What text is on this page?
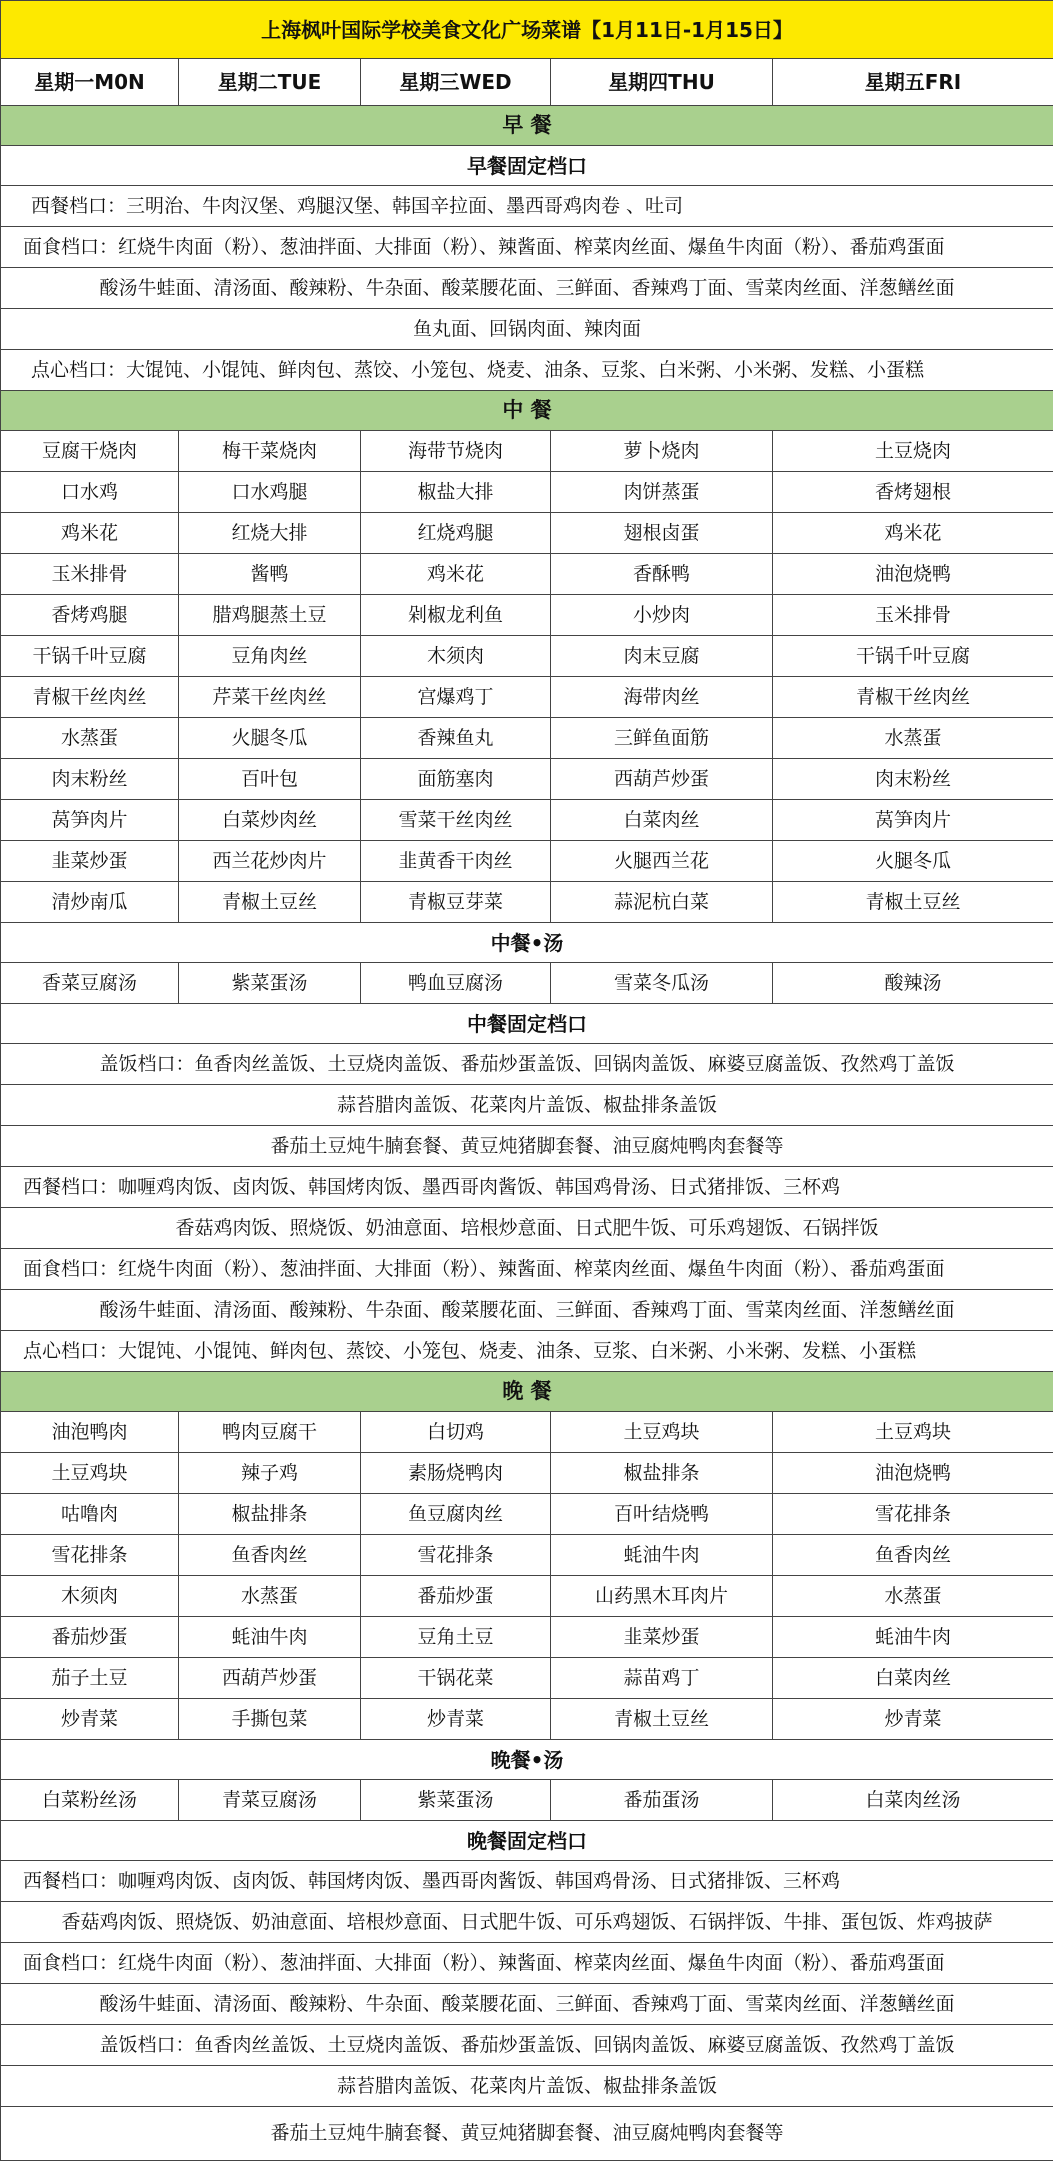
上海枫叶国际学校美食文化广场菜谱【1月11日-1月15日】				
星期一M0N	星期二TUE	星期三WED	星期四THU	星期五FRI
早 餐				
早餐固定档口				
西餐档口：三明治、牛肉汉堡、鸡腿汉堡、韩国辛拉面、墨西哥鸡肉卷 、吐司				
面食档口：红烧牛肉面（粉）、葱油拌面、大排面（粉）、辣酱面、榨菜肉丝面、爆鱼牛肉面（粉）、番茄鸡蛋面				
酸汤牛蛙面、清汤面、酸辣粉、牛杂面、酸菜腰花面、三鲜面、香辣鸡丁面、雪菜肉丝面、洋葱鳝丝面				
鱼丸面、回锅肉面、辣肉面				
点心档口：大馄饨、小馄饨、鲜肉包、蒸饺、小笼包、烧麦、油条、豆浆、白米粥、小米粥、发糕、小蛋糕				
中 餐				
豆腐干烧肉	梅干菜烧肉	海带节烧肉	萝卜烧肉	土豆烧肉
口水鸡	口水鸡腿	椒盐大排	肉饼蒸蛋	香烤翅根
鸡米花	红烧大排	红烧鸡腿	翅根卤蛋	鸡米花
玉米排骨	酱鸭	鸡米花	香酥鸭	油泡烧鸭
香烤鸡腿	腊鸡腿蒸土豆	剁椒龙利鱼	小炒肉	玉米排骨
干锅千叶豆腐	豆角肉丝	木须肉	肉末豆腐	干锅千叶豆腐
青椒干丝肉丝	芹菜干丝肉丝	宫爆鸡丁	海带肉丝	青椒干丝肉丝
水蒸蛋	火腿冬瓜	香辣鱼丸	三鲜鱼面筋	水蒸蛋
肉末粉丝	百叶包	面筋塞肉	西葫芦炒蛋	肉末粉丝
莴笋肉片	白菜炒肉丝	雪菜干丝肉丝	白菜肉丝	莴笋肉片
韭菜炒蛋	西兰花炒肉片	韭黄香干肉丝	火腿西兰花	火腿冬瓜
清炒南瓜	青椒土豆丝	青椒豆芽菜	蒜泥杭白菜	青椒土豆丝
中餐•汤				
香菜豆腐汤	紫菜蛋汤	鸭血豆腐汤	雪菜冬瓜汤	酸辣汤
中餐固定档口				
盖饭档口：鱼香肉丝盖饭、土豆烧肉盖饭、番茄炒蛋盖饭、回锅肉盖饭、麻婆豆腐盖饭、孜然鸡丁盖饭				
蒜苔腊肉盖饭、花菜肉片盖饭、椒盐排条盖饭				
番茄土豆炖牛腩套餐、黄豆炖猪脚套餐、油豆腐炖鸭肉套餐等				
西餐档口：咖喱鸡肉饭、卤肉饭、韩国烤肉饭、墨西哥肉酱饭、韩国鸡骨汤、日式猪排饭、三杯鸡				
香菇鸡肉饭、照烧饭、奶油意面、培根炒意面、日式肥牛饭、可乐鸡翅饭、石锅拌饭				
面食档口：红烧牛肉面（粉）、葱油拌面、大排面（粉）、辣酱面、榨菜肉丝面、爆鱼牛肉面（粉）、番茄鸡蛋面				
酸汤牛蛙面、清汤面、酸辣粉、牛杂面、酸菜腰花面、三鲜面、香辣鸡丁面、雪菜肉丝面、洋葱鳝丝面				
点心档口：大馄饨、小馄饨、鲜肉包、蒸饺、小笼包、烧麦、油条、豆浆、白米粥、小米粥、发糕、小蛋糕				
晚 餐				
油泡鸭肉	鸭肉豆腐干	白切鸡	土豆鸡块	土豆鸡块
土豆鸡块	辣子鸡	素肠烧鸭肉	椒盐排条	油泡烧鸭
咕噜肉	椒盐排条	鱼豆腐肉丝	百叶结烧鸭	雪花排条
雪花排条	鱼香肉丝	雪花排条	蚝油牛肉	鱼香肉丝
木须肉	水蒸蛋	番茄炒蛋	山药黑木耳肉片	水蒸蛋
番茄炒蛋	蚝油牛肉	豆角土豆	韭菜炒蛋	蚝油牛肉
茄子土豆	西葫芦炒蛋	干锅花菜	蒜苗鸡丁	白菜肉丝
炒青菜	手撕包菜	炒青菜	青椒土豆丝	炒青菜
晚餐•汤				
白菜粉丝汤	青菜豆腐汤	紫菜蛋汤	番茄蛋汤	白菜肉丝汤
晚餐固定档口				
西餐档口：咖喱鸡肉饭、卤肉饭、韩国烤肉饭、墨西哥肉酱饭、韩国鸡骨汤、日式猪排饭、三杯鸡				
香菇鸡肉饭、照烧饭、奶油意面、培根炒意面、日式肥牛饭、可乐鸡翅饭、石锅拌饭、牛排、蛋包饭、炸鸡披萨				
面食档口：红烧牛肉面（粉）、葱油拌面、大排面（粉）、辣酱面、榨菜肉丝面、爆鱼牛肉面（粉）、番茄鸡蛋面				
酸汤牛蛙面、清汤面、酸辣粉、牛杂面、酸菜腰花面、三鲜面、香辣鸡丁面、雪菜肉丝面、洋葱鳝丝面				
盖饭档口：鱼香肉丝盖饭、土豆烧肉盖饭、番茄炒蛋盖饭、回锅肉盖饭、麻婆豆腐盖饭、孜然鸡丁盖饭				
蒜苔腊肉盖饭、花菜肉片盖饭、椒盐排条盖饭				
番茄土豆炖牛腩套餐、黄豆炖猪脚套餐、油豆腐炖鸭肉套餐等				
